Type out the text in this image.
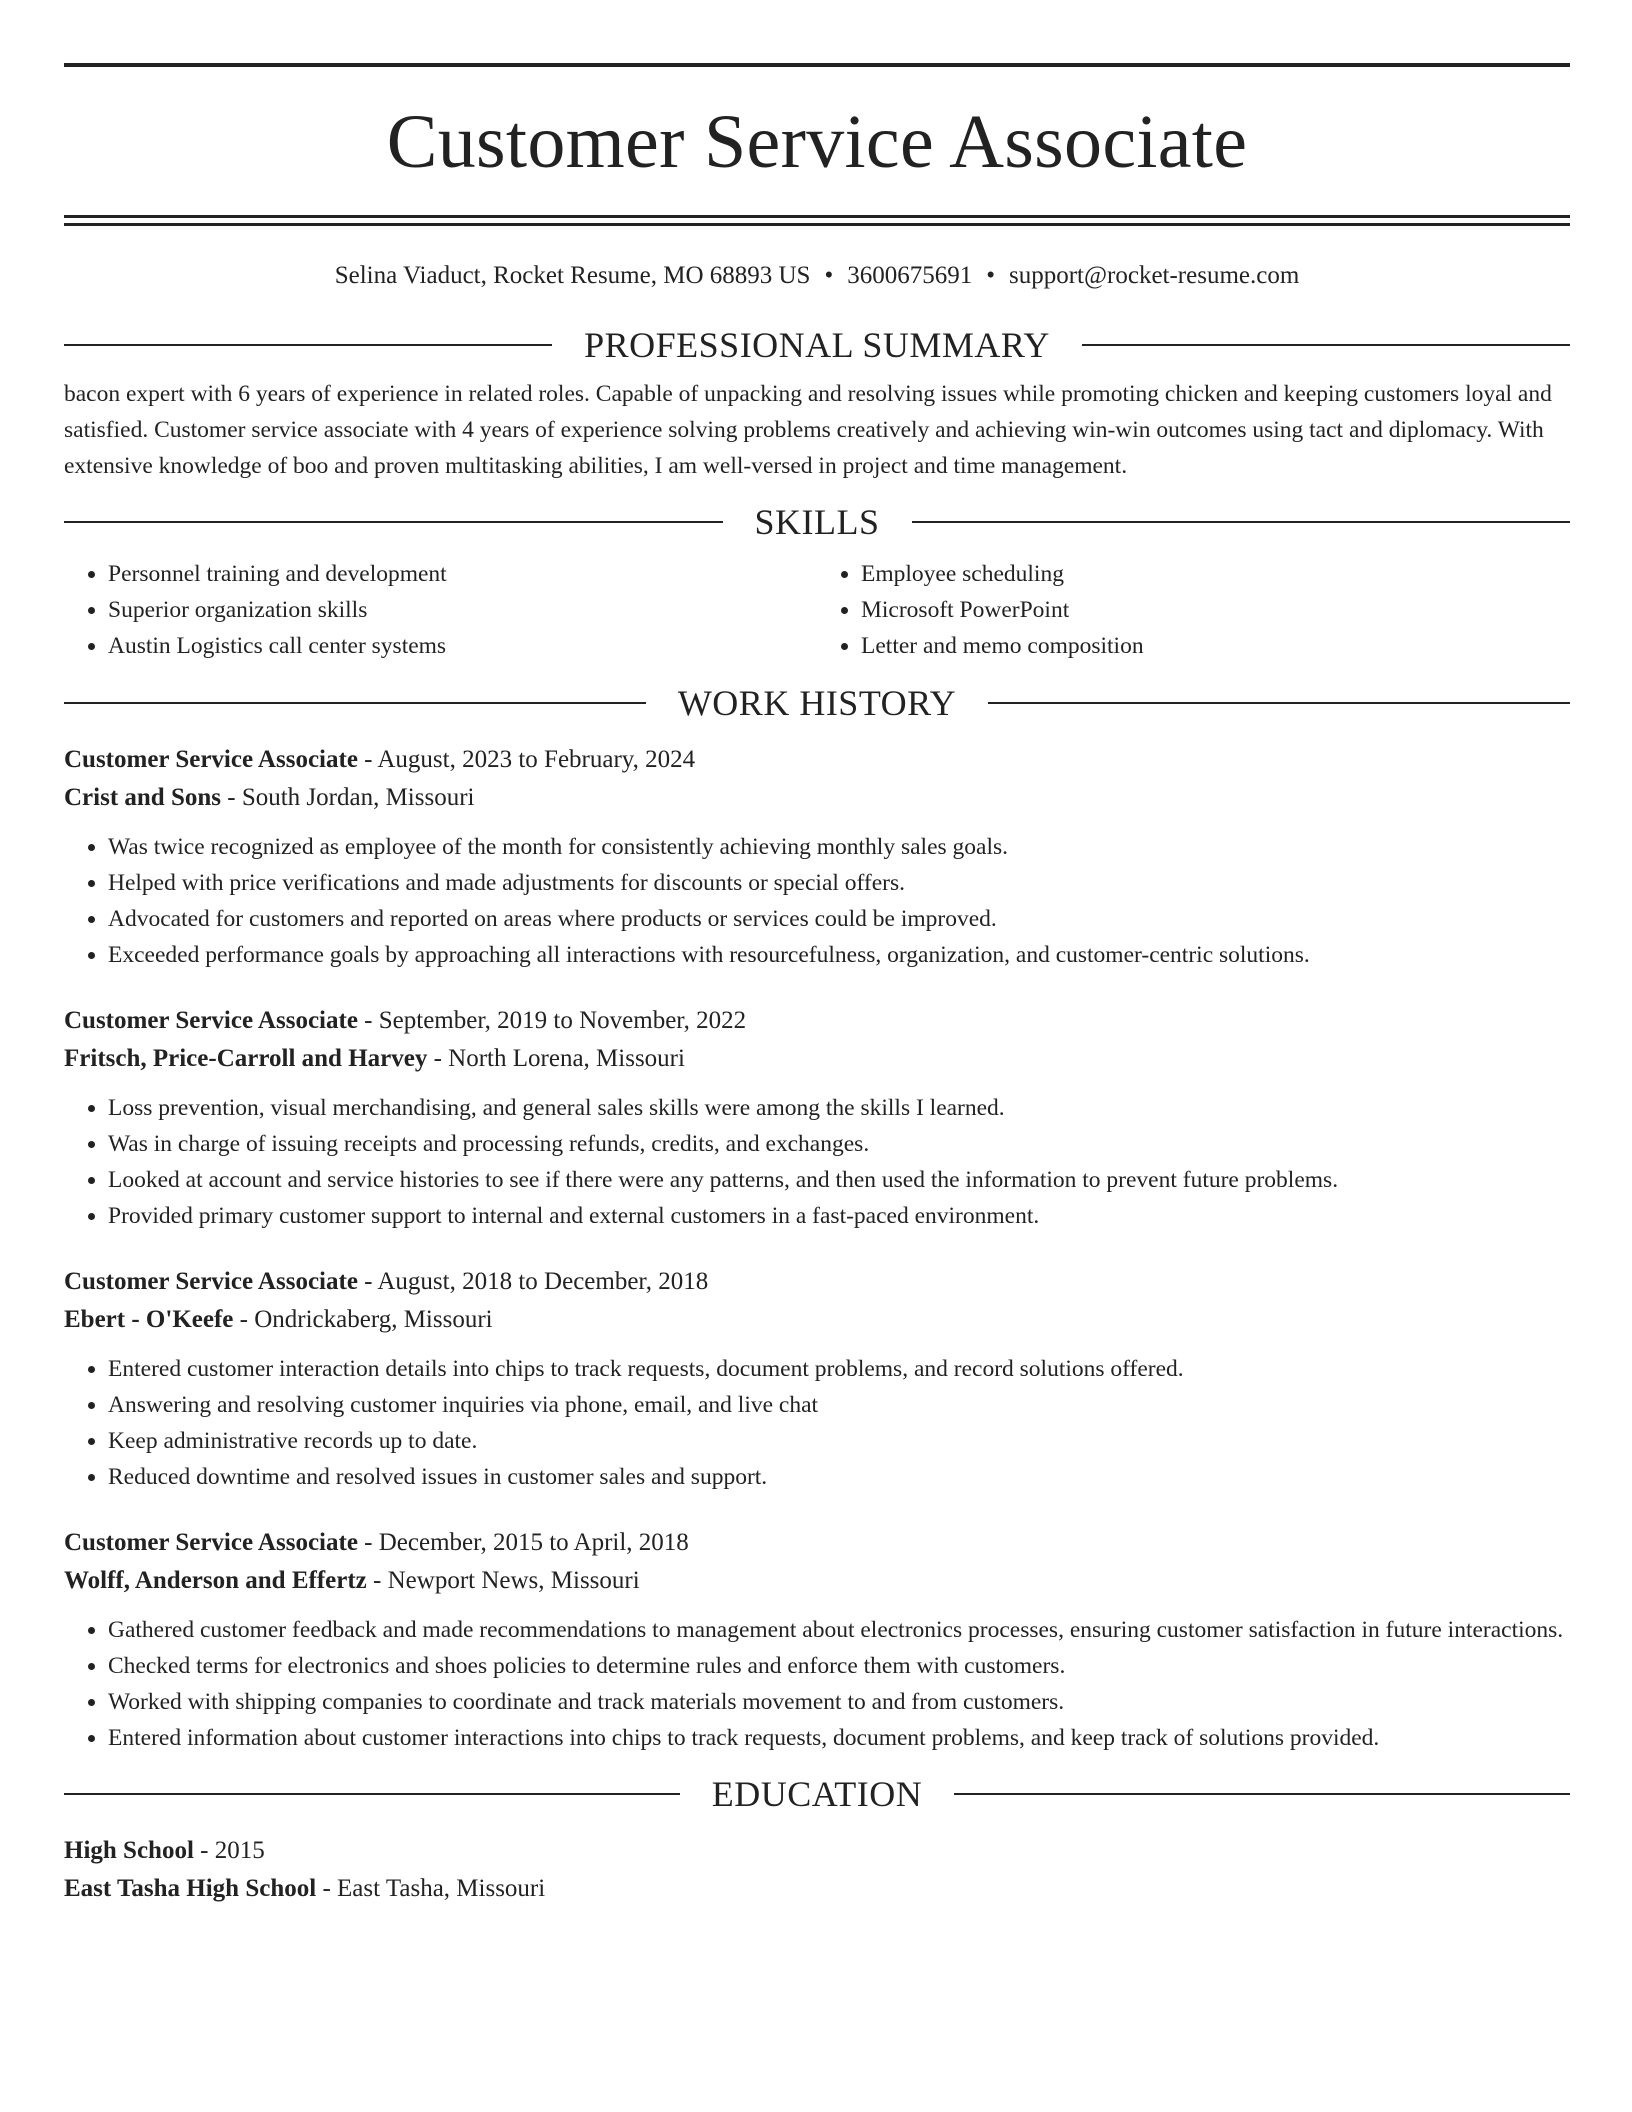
Customer Service Associate
Selina Viaduct, Rocket Resume, MO 68893 US • 3600675691 • support@rocket-resume.com
PROFESSIONAL SUMMARY
bacon expert with 6 years of experience in related roles. Capable of unpacking and resolving issues while promoting chicken and keeping customers loyal and satisfied. Customer service associate with 4 years of experience solving problems creatively and achieving win-win outcomes using tact and diplomacy. With extensive knowledge of boo and proven multitasking abilities, I am well-versed in project and time management.
SKILLS
• Personnel training and development
• Superior organization skills
• Austin Logistics call center systems
• Employee scheduling
• Microsoft PowerPoint
• Letter and memo composition
WORK HISTORY
Customer Service Associate - August, 2023 to February, 2024
Crist and Sons - South Jordan, Missouri
• Was twice recognized as employee of the month for consistently achieving monthly sales goals.
• Helped with price verifications and made adjustments for discounts or special offers.
• Advocated for customers and reported on areas where products or services could be improved.
• Exceeded performance goals by approaching all interactions with resourcefulness, organization, and customer-centric solutions.
Customer Service Associate - September, 2019 to November, 2022
Fritsch, Price-Carroll and Harvey - North Lorena, Missouri
• Loss prevention, visual merchandising, and general sales skills were among the skills I learned.
• Was in charge of issuing receipts and processing refunds, credits, and exchanges.
• Looked at account and service histories to see if there were any patterns, and then used the information to prevent future problems.
• Provided primary customer support to internal and external customers in a fast-paced environment.
Customer Service Associate - August, 2018 to December, 2018
Ebert - O'Keefe - Ondrickaberg, Missouri
• Entered customer interaction details into chips to track requests, document problems, and record solutions offered.
• Answering and resolving customer inquiries via phone, email, and live chat
• Keep administrative records up to date.
• Reduced downtime and resolved issues in customer sales and support.
Customer Service Associate - December, 2015 to April, 2018
Wolff, Anderson and Effertz - Newport News, Missouri
• Gathered customer feedback and made recommendations to management about electronics processes, ensuring customer satisfaction in future interactions.
• Checked terms for electronics and shoes policies to determine rules and enforce them with customers.
• Worked with shipping companies to coordinate and track materials movement to and from customers.
• Entered information about customer interactions into chips to track requests, document problems, and keep track of solutions provided.
EDUCATION
High School - 2015
East Tasha High School - East Tasha, Missouri
